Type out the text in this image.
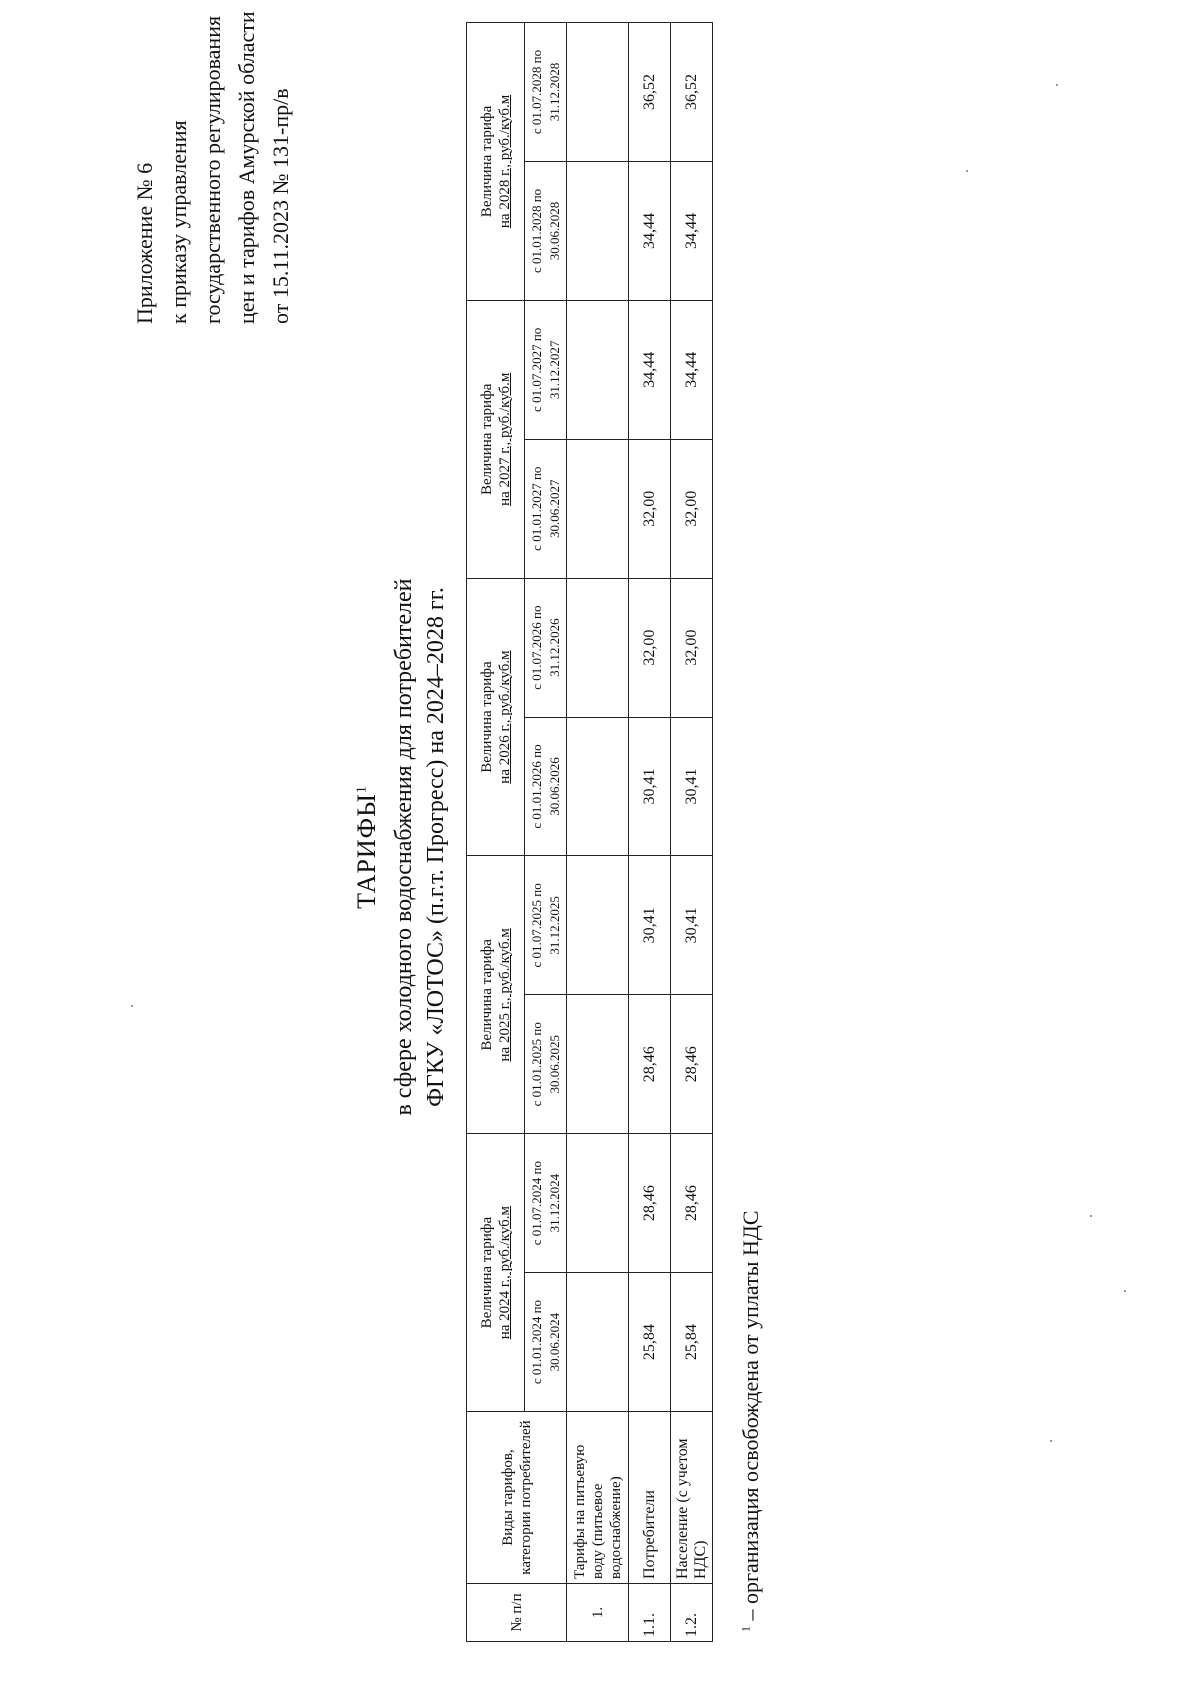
Приложение № 6 к приказу управления государственного регулирования цен и тарифов Амурской области от 15.11.2023 № 131-пр/в
ТАРИФЫ$^1$ в сфере холодного водоснабжения для потребителей ФГКУ «ЛОТОС» (п.г.т. Прогресс) на 2024–2028 гг.
№ п/п	Виды тарифов, категории потребителей	Величина тарифа на 2024 г., руб./куб.м		Величина тарифа на 2025 г., руб./куб.м		Величина тарифа на 2026 г., руб./куб.м		Величина тарифа на 2027 г., руб./куб.м		Величина тарифа на 2028 г., руб./куб.м	
		с 01.01.2024 по 30.06.2024	с 01.07.2024 по 31.12.2024	с 01.01.2025 по 30.06.2025	с 01.07.2025 по 31.12.2025	с 01.01.2026 по 30.06.2026	с 01.07.2026 по 31.12.2026	с 01.01.2027 по 30.06.2027	с 01.07.2027 по 31.12.2027	с 01.01.2028 по 30.06.2028	с 01.07.2028 по 31.12.2028
1.	Тарифы на питьевую воду (питьевое водоснабжение)										
1.1.	Потребители	25,84	28,46	28,46	30,41	30,41	32,00	32,00	34,44	34,44	36,52
1.2.	Население (с учетом НДС)	25,84	28,46	28,46	30,41	30,41	32,00	32,00	34,44	34,44	36,52
$^1$ – организация освобождена от уплаты НДС
